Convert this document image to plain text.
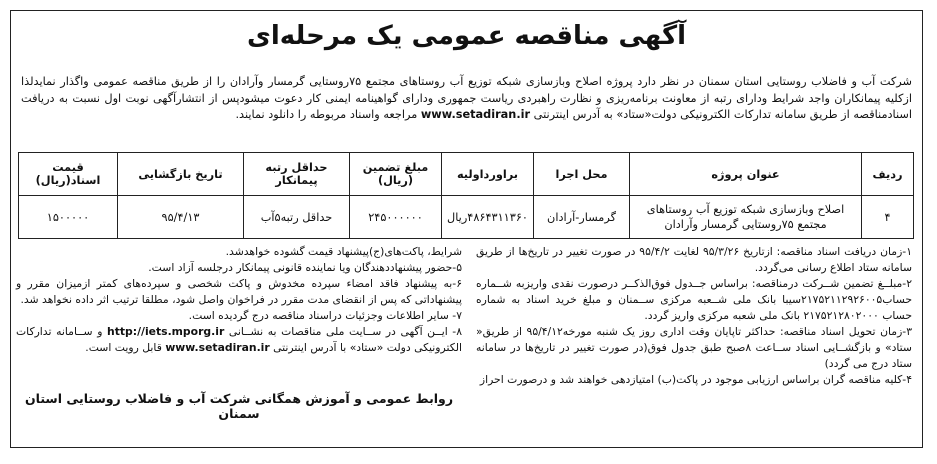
آگهی مناقصه عمومی یک مرحله‌ای
شرکت آب و فاضلاب روستایی استان سمنان در نظر دارد پروژه اصلاح وبازسازی شبکه توزیع آب روستاهای مجتمع ۷۵روستایی گرمسار وآرادان را از طریق مناقصه عمومی واگذار نمایدلذا ازکلیه پیمانکاران واجد شرایط ودارای رتبه از معاونت برنامه‌ریزی و نظارت راهبردی ریاست جمهوری ودارای گواهینامه ایمنی کار دعوت میشودپس از انتشارآگهی نوبت اول نسبت به دریافت اسنادمناقصه از طریق سامانه تدارکات الکترونیکی دولت«ستاد» به آدرس اینترنتی www.setadiran.ir مراجعه واسناد مربوطه را دانلود نمایند.
ردیف	عنوان پروژه	محل اجرا	براورداولیه	مبلغ تضمین (ریال)	حداقل رتبه پیمانکار	تاریخ بازگشایی	قیمت اسناد(ریال)
۴	اصلاح وبازسازی شبکه توزیع آب روستاهای مجتمع ۷۵روستایی گرمسار وآرادان	گرمسار-آرادان	۴۸۶۴۳۱۱۳۶۰ریال	۲۴۵۰۰۰۰۰۰	حداقل رتبه۵آب	۹۵/۴/۱۳	۱۵۰۰۰۰۰

۱-زمان دریافت اسناد مناقصه: ازتاریخ ۹۵/۳/۲۶ لغایت ۹۵/۴/۲ در صورت تغییر در تاریخ‌ها از طریق سامانه ستاد اطلاع رسانی می‌گردد.

۲-مبلــغ تضمین شــرکت درمناقصه: براساس جــدول فوق‌الذکــر درصورت نقدی واریزبه شــماره حساب۲۱۷۵۲۱۱۲۹۲۶۰۰۵سیبا بانک ملی شــعبه مرکزی ســمنان و مبلغ خرید اسناد به شماره حساب ۲۱۷۵۲۱۲۸۰۲۰۰۰ بانک ملی شعبه مرکزی واریز گردد.

۳-زمان تحویل اسناد مناقصه: حداکثر تاپایان وقت اداری روز یک شنبه مورخه۹۵/۴/۱۲ از طریق« ستاد» و بازگشــایی اسناد ســاعت ۸صبح طبق جدول فوق(در صورت تغییر در تاریخ‌ها در سامانه ستاد درج می گردد)

۴-کلیه مناقصه گران براساس ارزیابی موجود در پاکت(ب) امتیازدهی خواهند شد و درصورت احراز

شرایط، پاکت‌های(ج)پیشنهاد قیمت گشوده خواهدشد.

۵-حضور پیشنهاددهندگان ویا نماینده قانونی پیمانکار درجلسه آزاد است.

۶-به پیشنهاد فاقد امضاء سپرده مخدوش و پاکت شخصی و سپرده‌های کمتر ازمیزان مقرر و پیشنهاداتی که پس از انقضای مدت مقرر در فراخوان واصل شود، مطلقا ترتیب اثر داده نخواهد شد.

۷- سایر اطلاعات وجزئیات دراسناد مناقصه درج گردیده است.

۸- ایــن آگهی در ســایت ملی مناقصات به نشــانی http://iets.mporg.ir و ســامانه تدارکات الکترونیکی دولت «ستاد» با آدرس اینترنتی www.setadiran.ir قابل رویت است.

روابط عمومی و آموزش همگانی شرکت آب و فاضلاب روستایی استان سمنان
